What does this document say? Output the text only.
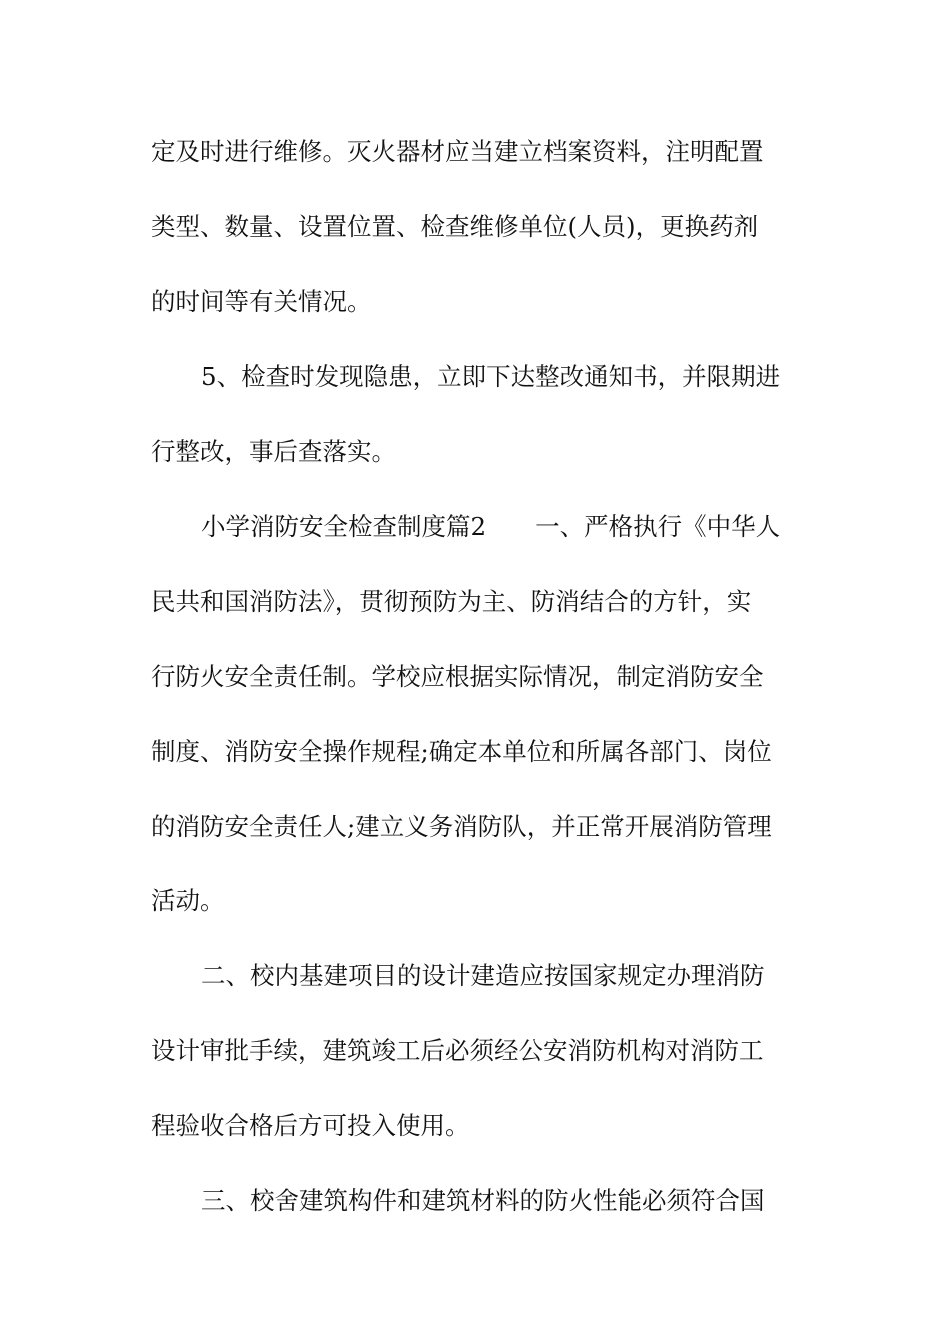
定及时进行维修。灭火器材应当建立档案资料，注明配置
类型、数量、设置位置、检查维修单位(人员)，更换药剂
的时间等有关情况。
5、检查时发现隐患，立即下达整改通知书，并限期进
行整改，事后查落实。
小学消防安全检查制度篇2　　一、严格执行《中华人
民共和国消防法》，贯彻预防为主、防消结合的方针，实
行防火安全责任制。学校应根据实际情况，制定消防安全
制度、消防安全操作规程;确定本单位和所属各部门、岗位
的消防安全责任人;建立义务消防队，并正常开展消防管理
活动。
二、校内基建项目的设计建造应按国家规定办理消防
设计审批手续，建筑竣工后必须经公安消防机构对消防工
程验收合格后方可投入使用。
三、校舍建筑构件和建筑材料的防火性能必须符合国
